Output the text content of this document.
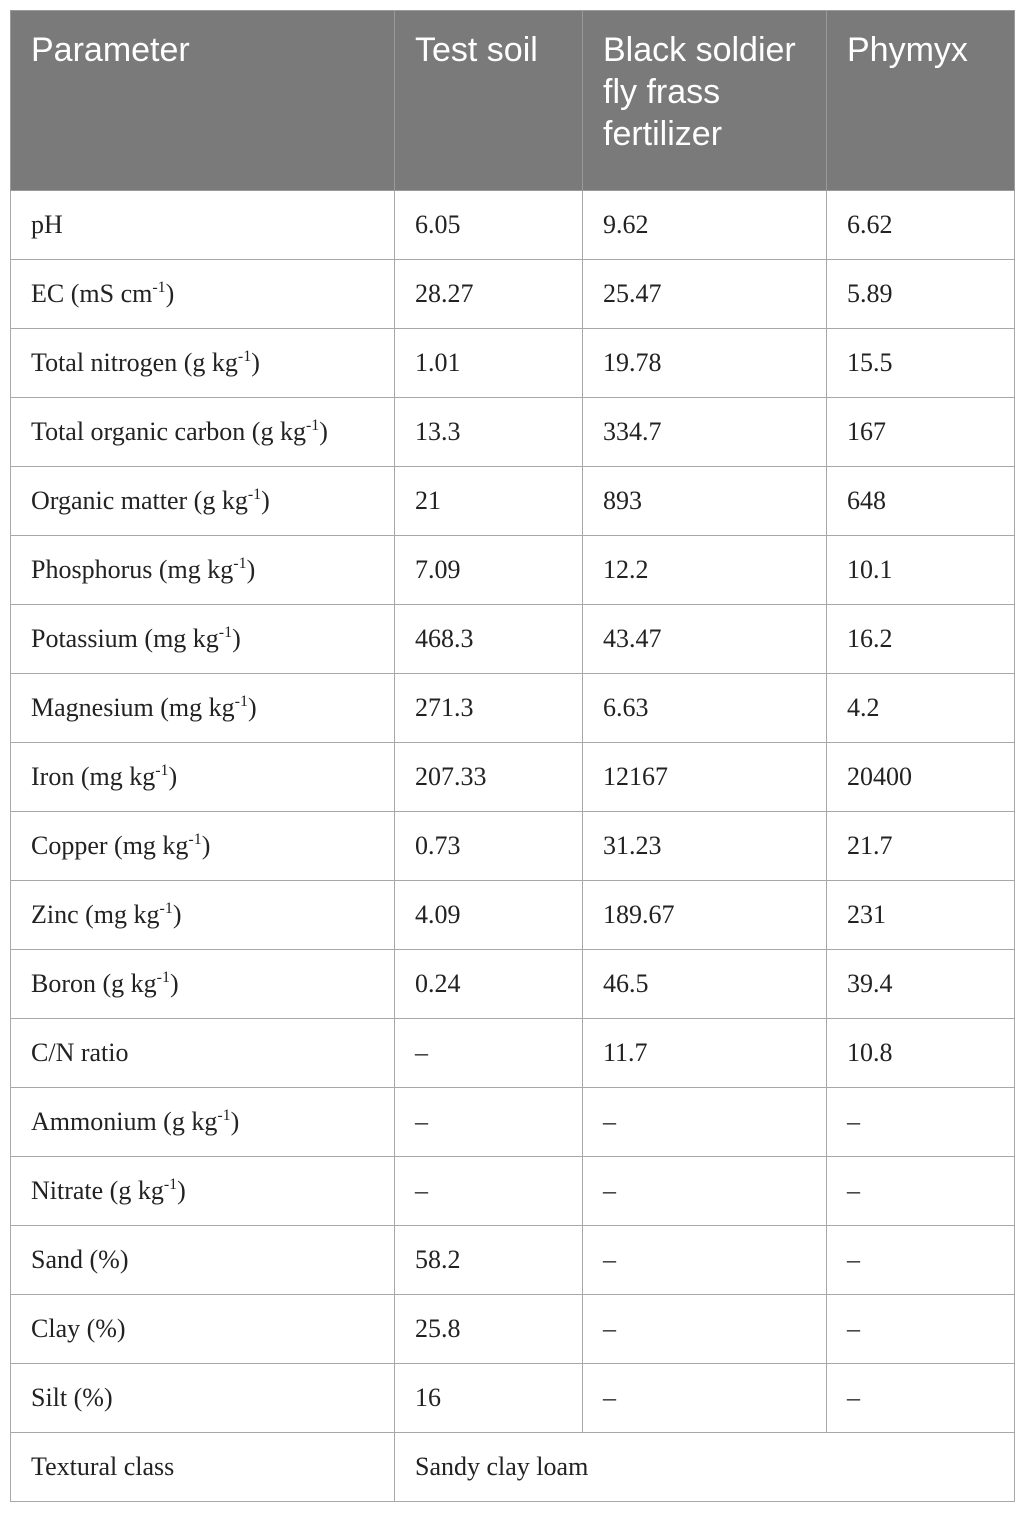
Parameter	Test soil	Black soldier fly frass fertilizer	Phymyx
pH	6.05	9.62	6.62
EC (mS $cm^{-1}$)	28.27	25.47	5.89
Total nitrogen (g $kg^{-1}$)	1.01	19.78	15.5
Total organic carbon (g $kg^{-1}$)	13.3	334.7	167
Organic matter (g $kg^{-1}$)	21	893	648
Phosphorus (mg $kg^{-1}$)	7.09	12.2	10.1
Potassium (mg $kg^{-1}$)	468.3	43.47	16.2
Magnesium (mg $kg^{-1}$)	271.3	6.63	4.2
Iron (mg $kg^{-1}$)	207.33	12167	20400
Copper (mg $kg^{-1}$)	0.73	31.23	21.7
Zinc (mg $kg^{-1}$)	4.09	189.67	231
Boron (g $kg^{-1}$)	0.24	46.5	39.4
C/N ratio	–	11.7	10.8
Ammonium (g $kg^{-1}$)	–	–	–
Nitrate (g $kg^{-1}$)	–	–	–
Sand (%)	58.2	–	–
Clay (%)	25.8	–	–
Silt (%)	16	–	–
Textural class	Sandy clay loam		
